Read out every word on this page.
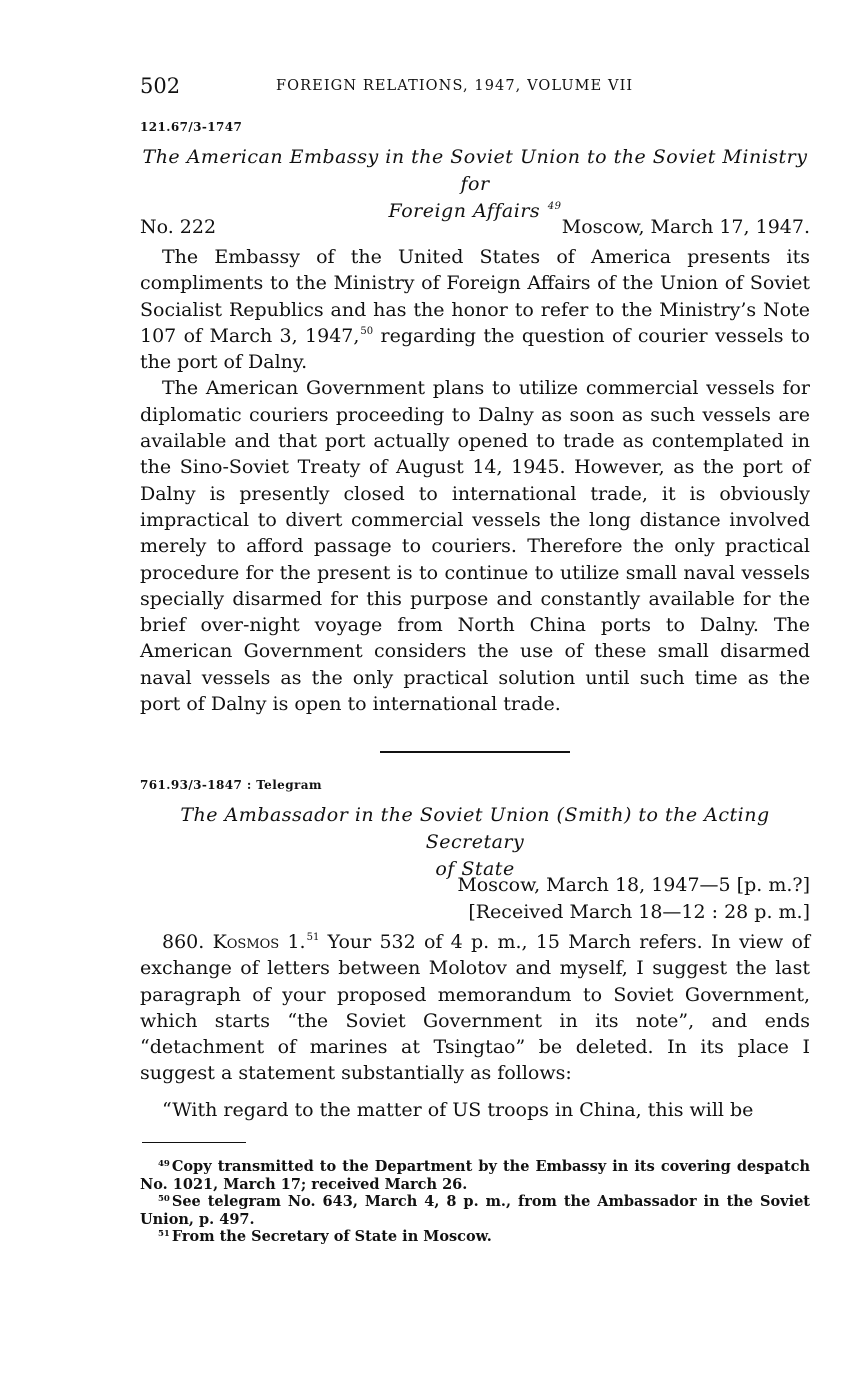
502	FOREIGN RELATIONS, 1947, VOLUME VII
121.67/3-1747
The American Embassy in the Soviet Union to the Soviet Ministry for
Foreign Affairs $^{49}$
No. 222	Moscow, March 17, 1947.

The Embassy of the United States of America presents its compliments to the Ministry of Foreign Affairs of the Union of Soviet Socialist Republics and has the honor to refer to the Ministry’s Note 107 of March 3, 1947,50 regarding the question of courier vessels to the port of Dalny.

The American Government plans to utilize commercial vessels for diplomatic couriers proceeding to Dalny as soon as such vessels are available and that port actually opened to trade as contemplated in the Sino-Soviet Treaty of August 14, 1945. However, as the port of Dalny is presently closed to international trade, it is obviously impractical to divert commercial vessels the long distance involved merely to afford passage to couriers. Therefore the only practical procedure for the present is to continue to utilize small naval vessels specially disarmed for this purpose and constantly available for the brief over-night voyage from North China ports to Dalny. The American Government considers the use of these small disarmed naval vessels as the only practical solution until such time as the port of Dalny is open to international trade.

761.93/3-1847 : Telegram
The Ambassador in the Soviet Union (Smith) to the Acting Secretary
of State
Moscow, March 18, 1947—5 [p. m.?]
[Received March 18—12 : 28 p. m.]

860. Kosmos 1.51 Your 532 of 4 p. m., 15 March refers. In view of exchange of letters between Molotov and myself, I suggest the last paragraph of your proposed memorandum to Soviet Government, which starts “the Soviet Government in its note”, and ends “detachment of marines at Tsingtao” be deleted. In its place I suggest a statement substantially as follows:

“With regard to the matter of US troops in China, this will be

$^{49}$ Copy transmitted to the Department by the Embassy in its covering despatch No. 1021, March 17; received March 26.

$^{50}$ See telegram No. 643, March 4, 8 p. m., from the Ambassador in the Soviet Union, p. 497.

$^{51}$ From the Secretary of State in Moscow.
